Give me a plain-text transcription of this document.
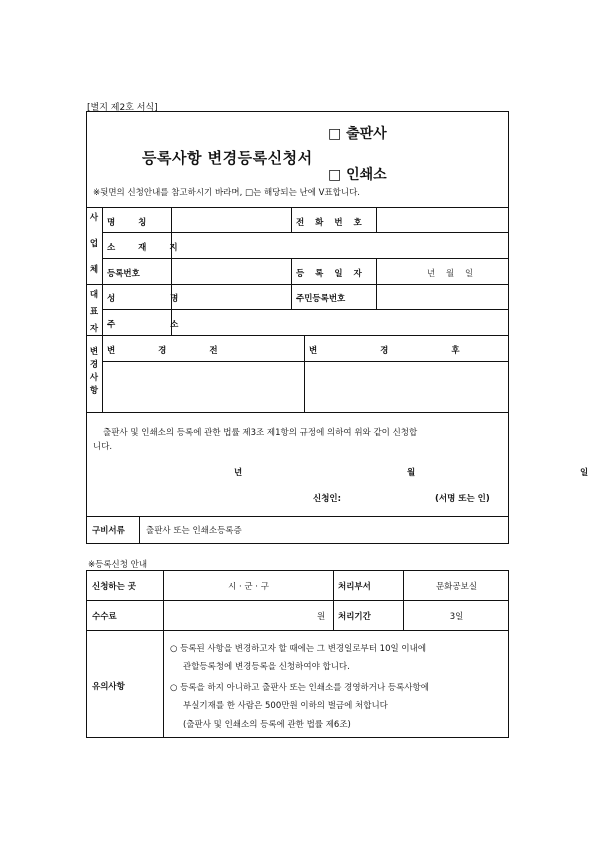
[별지 제2호 서식]
□ 출판사
등록사항 변경등록신청서
□ 인쇄소
※뒷면의 신청안내를 참고하시기 바라며, □는 해당되는 난에 V표합니다.
사
업
체
명 칭	전 화 번 호
소 재 지
등록번호	등 록 일 자	년    월    일
대
표
자
성 명	주민등록번호
주 소
변
경
사
항
변 경 전	변 경 후
출판사 및 인쇄소의 등록에 관한 법률 제3조 제1항의 규정에 의하여 위와 같이 신청합
니다.
년     월     일
신청인:	(서명 또는 인)
구비서류 출판사 또는 인쇄소등록증
※등록신청 안내
신청하는 곳	시 · 군 · 구	처리부서	문화공보실
수수료	원 처리기간	3일
유의사항
○ 등록된 사항을 변경하고자 할 때에는 그 변경일로부터 10일 이내에
관할등록청에 변경등록을 신청하여야 합니다.
○ 등록을 하지 아니하고 출판사 또는 인쇄소를 경영하거나 등록사항에
부실기재를 한 사람은 500만원 이하의 벌금에 처합니다
(출판사 및 인쇄소의 등록에 관한 법률 제6조)
